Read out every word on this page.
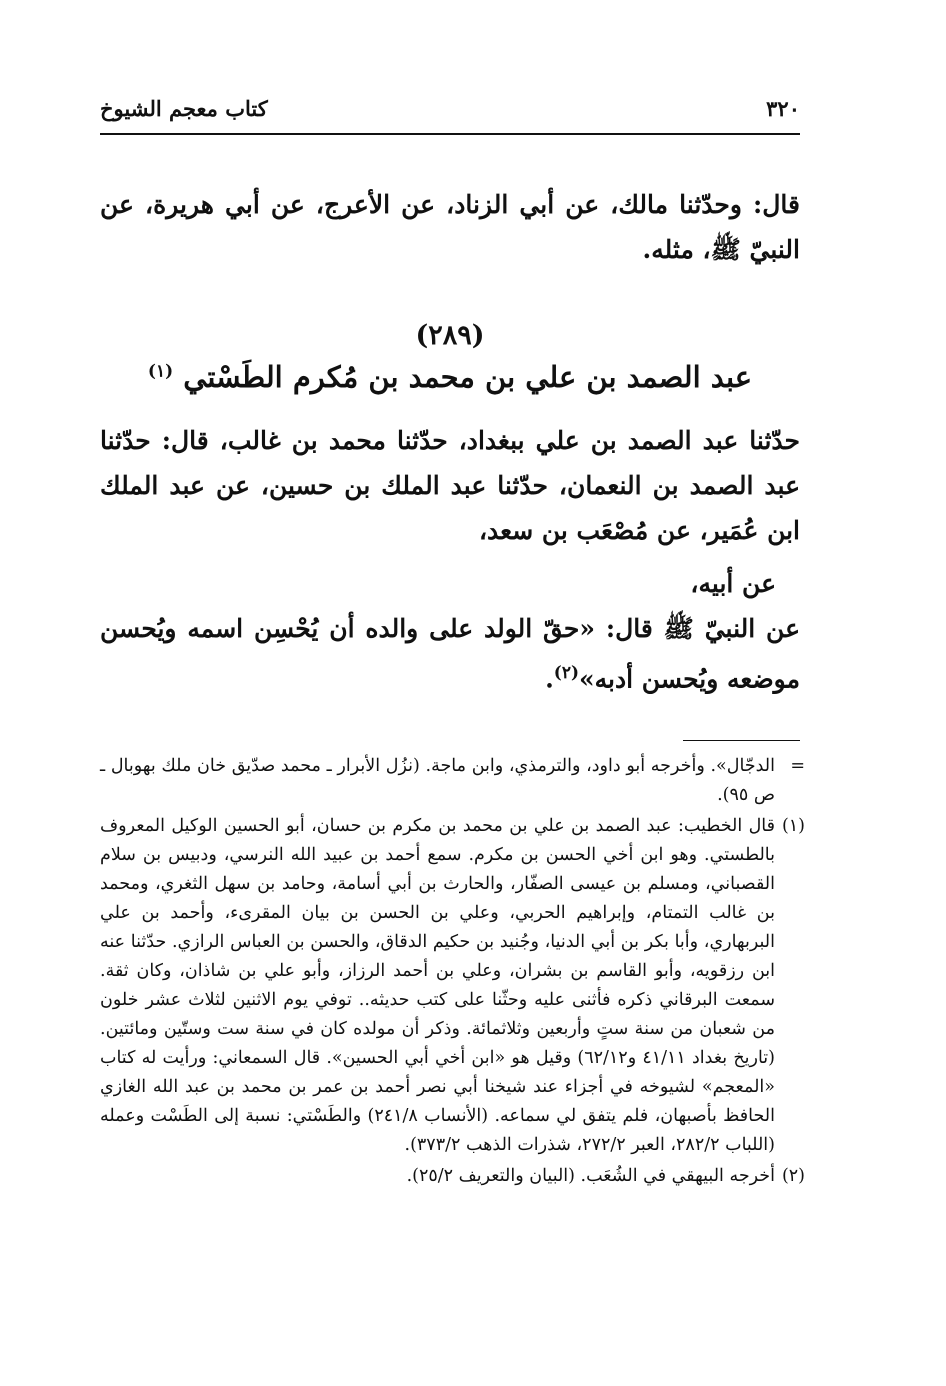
٣٢٠
كتاب معجم الشيوخ

قال: وحدّثنا مالك، عن أبي الزناد، عن الأعرج، عن أبي هريرة، عن النبيّ ﷺ، مثله.

(٢٨٩)
عبد الصمد بن علي بن محمد بن مُكرم الطَسْتي $^{(١)}$

حدّثنا عبد الصمد بن علي ببغداد، حدّثنا محمد بن غالب، قال: حدّثنا عبد الصمد بن النعمان، حدّثنا عبد الملك بن حسين، عن عبد الملك ابن عُمَير، عن مُصْعَب بن سعد،

عن أبيه،

عن النبيّ ﷺ قال: «حقّ الولد على والده أن يُحْسِن اسمه ويُحسن موضعه ويُحسن أدبه»$^{(٢)}$.

=
الدجّال». وأخرجه أبو داود، والترمذي، وابن ماجة. (نزُل الأبرار ـ محمد صدّيق خان ملك بهوبال ـ ص ٩٥).

(١)
قال الخطيب: عبد الصمد بن علي بن محمد بن مكرم بن حسان، أبو الحسين الوكيل المعروف بالطستي. وهو ابن أخي الحسن بن مكرم. سمع أحمد بن عبيد الله النرسي، ودبيس بن سلام القصباني، ومسلم بن عيسى الصفّار، والحارث بن أبي أسامة، وحامد بن سهل الثغري، ومحمد بن غالب التمتام، وإبراهيم الحربي، وعلي بن الحسن بن بيان المقرىء، وأحمد بن علي البربهاري، وأبا بكر بن أبي الدنيا، وجُنيد بن حكيم الدقاق، والحسن بن العباس الرازي. حدّثنا عنه ابن رزقويه، وأبو القاسم بن بشران، وعلي بن أحمد الرزاز، وأبو علي بن شاذان، وكان ثقة. سمعت البرقاني ذكره فأثنى عليه وحثّنا على كتب حديثه.. توفي يوم الاثنين لثلاث عشر خلون من شعبان من سنة ستٍ وأربعين وثلاثمائة. وذكر أن مولده كان في سنة ست وستّين ومائتين. (تاريخ بغداد ٤١/١١ و٦٢/١٢) وقيل هو «ابن أخي أبي الحسين». قال السمعاني: ورأيت له كتاب «المعجم» لشيوخه في أجزاء عند شيخنا أبي نصر أحمد بن عمر بن محمد بن عبد الله الغازي الحافظ بأصبهان، فلم يتفق لي سماعه. (الأنساب ٢٤١/٨) والطَسْتي: نسبة إلى الطَسْت وعمله (اللباب ٢٨٢/٢، العبر ٢٧٢/٢، شذرات الذهب ٣٧٣/٢).

(٢)
أخرجه البيهقي في الشُعَب. (البيان والتعريف ٢٥/٢).
